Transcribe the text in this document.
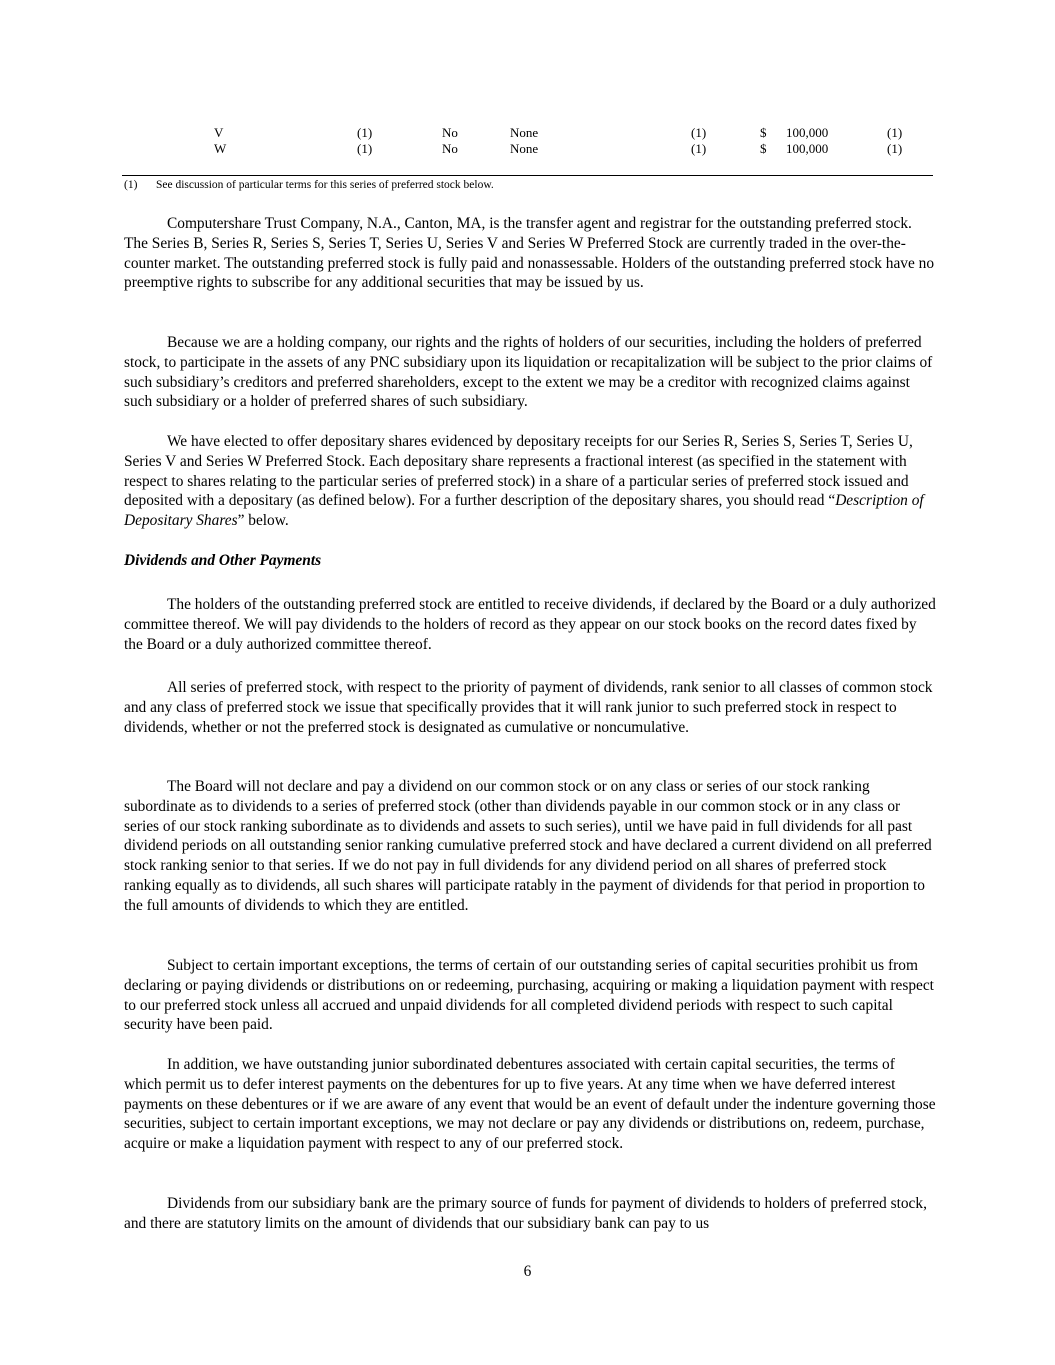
V	(1)	No	None	(1)	$ 100,000	(1)
W	(1)	No	None	(1)	$ 100,000	(1)
(1) See discussion of particular terms for this series of preferred stock below.

Computershare Trust Company, N.A., Canton, MA, is the transfer agent and registrar for the outstanding preferred stock. The Series B, Series R, Series S, Series T, Series U, Series V and Series W Preferred Stock are currently traded in the over-the-counter market. The outstanding preferred stock is fully paid and nonassessable. Holders of the outstanding preferred stock have no preemptive rights to subscribe for any additional securities that may be issued by us.

Because we are a holding company, our rights and the rights of holders of our securities, including the holders of preferred stock, to participate in the assets of any PNC subsidiary upon its liquidation or recapitalization will be subject to the prior claims of such subsidiary’s creditors and preferred shareholders, except to the extent we may be a creditor with recognized claims against such subsidiary or a holder of preferred shares of such subsidiary.

We have elected to offer depositary shares evidenced by depositary receipts for our Series R, Series S, Series T, Series U, Series V and Series W Preferred Stock. Each depositary share represents a fractional interest (as specified in the statement with respect to shares relating to the particular series of preferred stock) in a share of a particular series of preferred stock issued and deposited with a depositary (as defined below). For a further description of the depositary shares, you should read “Description of Depositary Shares” below.

Dividends and Other Payments

The holders of the outstanding preferred stock are entitled to receive dividends, if declared by the Board or a duly authorized committee thereof. We will pay dividends to the holders of record as they appear on our stock books on the record dates fixed by the Board or a duly authorized committee thereof.

All series of preferred stock, with respect to the priority of payment of dividends, rank senior to all classes of common stock and any class of preferred stock we issue that specifically provides that it will rank junior to such preferred stock in respect to dividends, whether or not the preferred stock is designated as cumulative or noncumulative.

The Board will not declare and pay a dividend on our common stock or on any class or series of our stock ranking subordinate as to dividends to a series of preferred stock (other than dividends payable in our common stock or in any class or series of our stock ranking subordinate as to dividends and assets to such series), until we have paid in full dividends for all past dividend periods on all outstanding senior ranking cumulative preferred stock and have declared a current dividend on all preferred stock ranking senior to that series. If we do not pay in full dividends for any dividend period on all shares of preferred stock ranking equally as to dividends, all such shares will participate ratably in the payment of dividends for that period in proportion to the full amounts of dividends to which they are entitled.

Subject to certain important exceptions, the terms of certain of our outstanding series of capital securities prohibit us from declaring or paying dividends or distributions on or redeeming, purchasing, acquiring or making a liquidation payment with respect to our preferred stock unless all accrued and unpaid dividends for all completed dividend periods with respect to such capital security have been paid.

In addition, we have outstanding junior subordinated debentures associated with certain capital securities, the terms of which permit us to defer interest payments on the debentures for up to five years. At any time when we have deferred interest payments on these debentures or if we are aware of any event that would be an event of default under the indenture governing those securities, subject to certain important exceptions, we may not declare or pay any dividends or distributions on, redeem, purchase, acquire or make a liquidation payment with respect to any of our preferred stock.

Dividends from our subsidiary bank are the primary source of funds for payment of dividends to holders of preferred stock, and there are statutory limits on the amount of dividends that our subsidiary bank can pay to us

6
